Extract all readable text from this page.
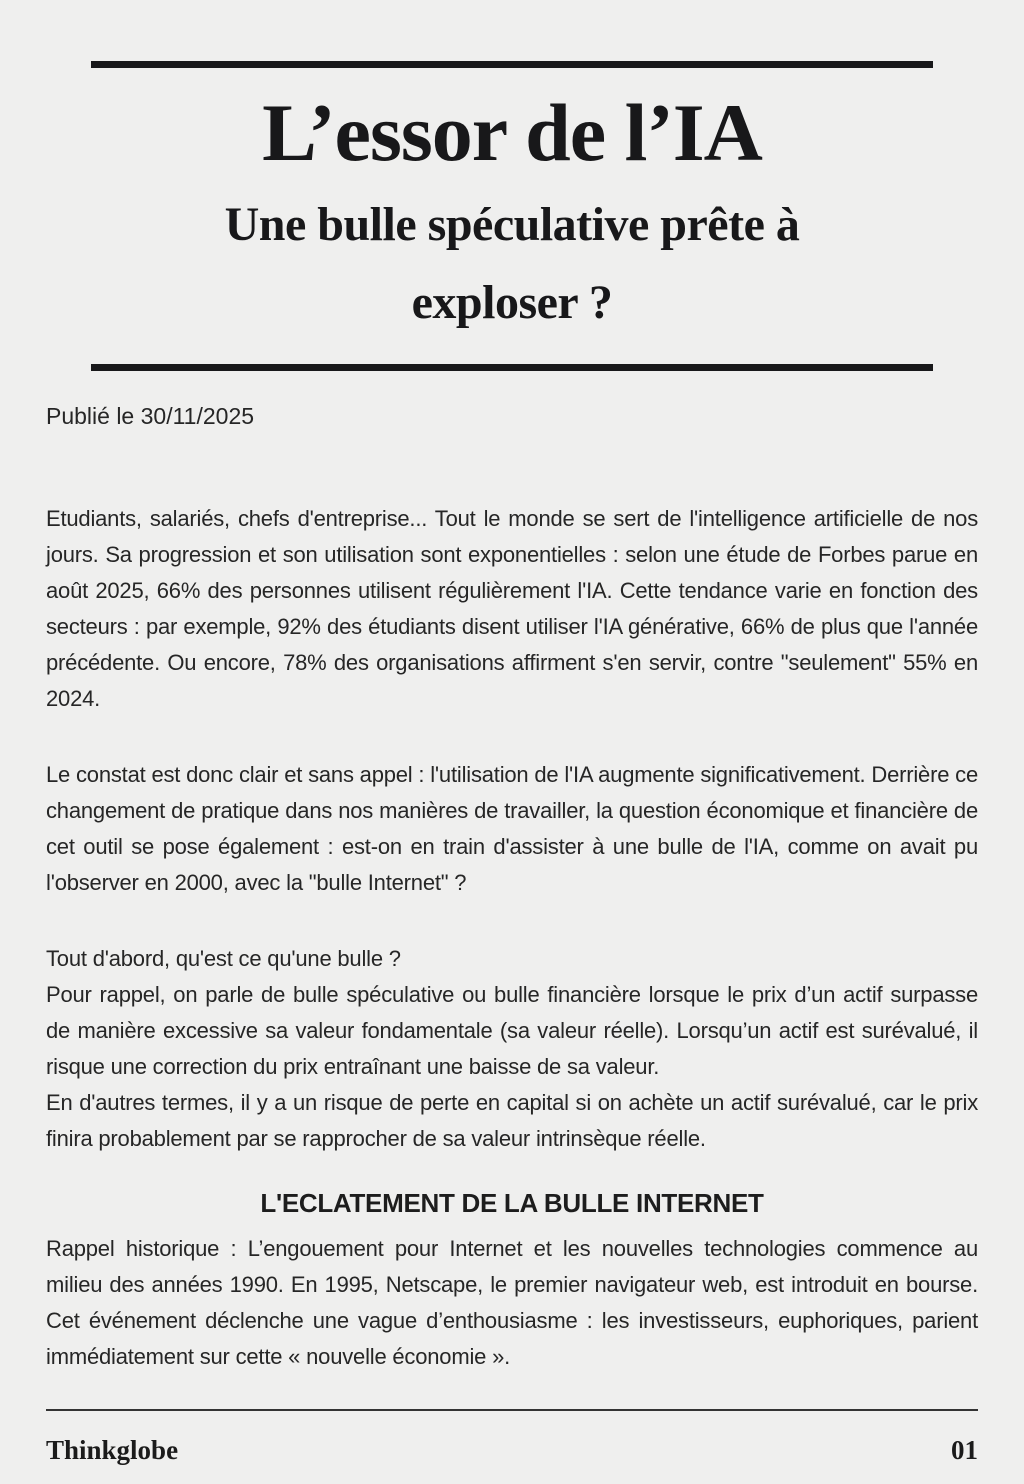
L’essor de l’IA
Une bulle spéculative prête à exploser ?
Publié le 30/11/2025
Etudiants, salariés, chefs d'entreprise... Tout le monde se sert de l'intelligence artificielle de nos jours. Sa progression et son utilisation sont exponentielles : selon une étude de Forbes parue en août 2025, 66% des personnes utilisent régulièrement l'IA. Cette tendance varie en fonction des secteurs : par exemple, 92% des étudiants disent utiliser l'IA générative, 66% de plus que l'année précédente. Ou encore, 78% des organisations affirment s'en servir, contre "seulement" 55% en 2024.
Le constat est donc clair et sans appel : l'utilisation de l'IA augmente significativement. Derrière ce changement de pratique dans nos manières de travailler, la question économique et financière de cet outil se pose également : est-on en train d'assister à une bulle de l'IA, comme on avait pu l'observer en 2000, avec la "bulle Internet" ?
Tout d'abord, qu'est ce qu'une bulle ?
Pour rappel, on parle de bulle spéculative ou bulle financière lorsque le prix d’un actif surpasse de manière excessive sa valeur fondamentale (sa valeur réelle). Lorsqu’un actif est surévalué, il risque une correction du prix entraînant une baisse de sa valeur.
En d'autres termes, il y a un risque de perte en capital si on achète un actif surévalué, car le prix finira probablement par se rapprocher de sa valeur intrinsèque réelle.
L'ECLATEMENT DE LA BULLE INTERNET
Rappel historique : L’engouement pour Internet et les nouvelles technologies commence au milieu des années 1990. En 1995, Netscape, le premier navigateur web, est introduit en bourse. Cet événement déclenche une vague d’enthousiasme : les investisseurs, euphoriques, parient immédiatement sur cette « nouvelle économie ».
Thinkglobe	01
